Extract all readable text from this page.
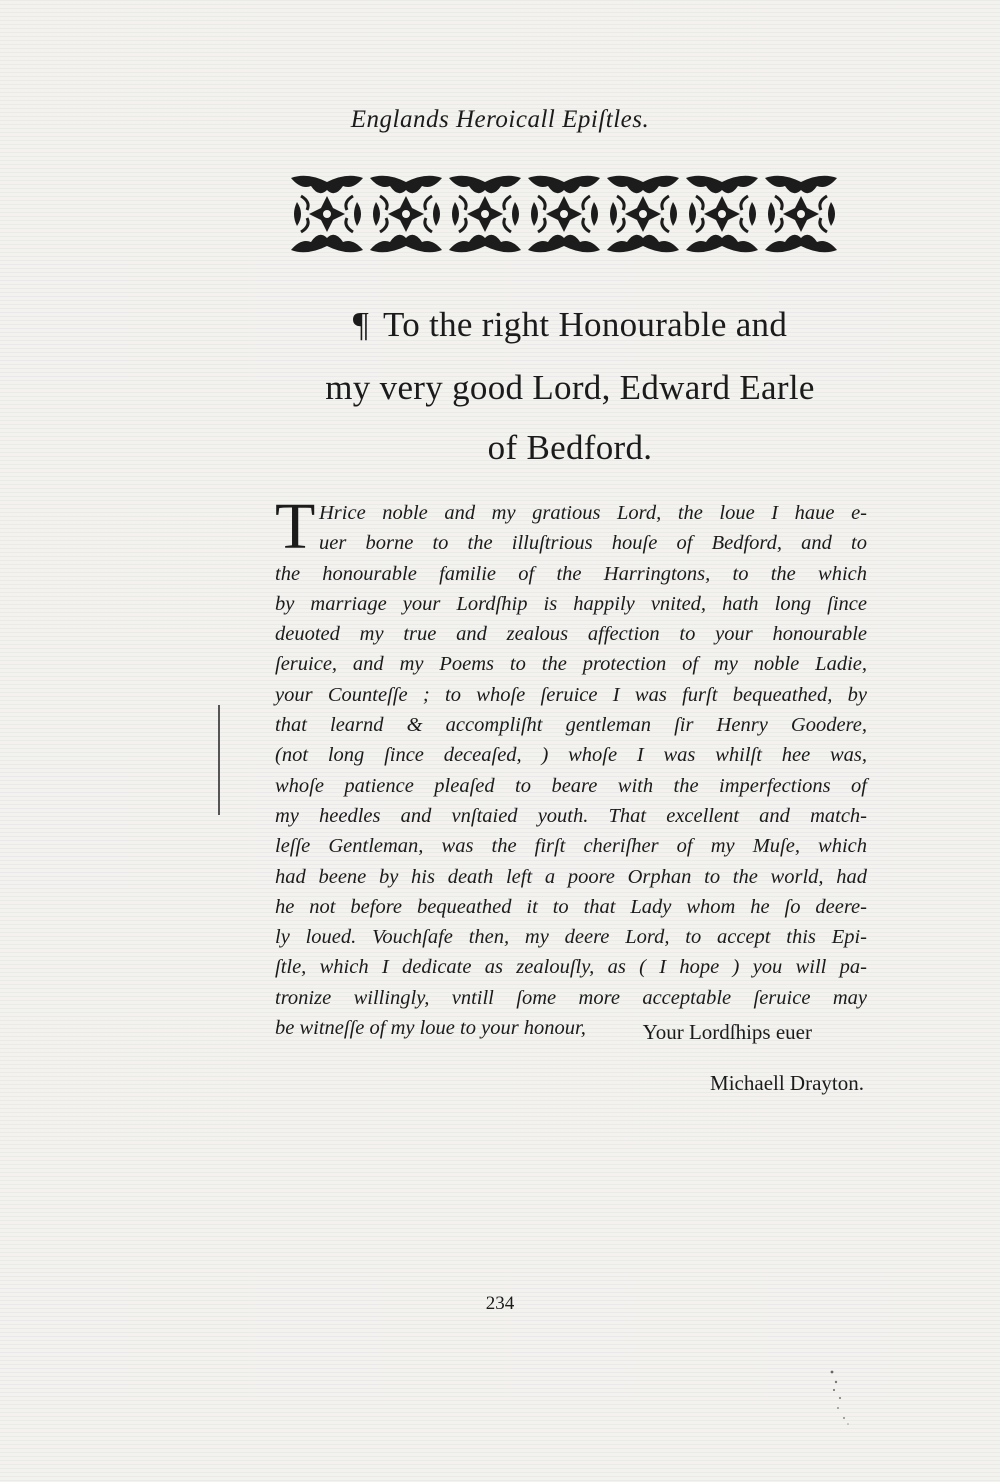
Englands Heroicall Epiſtles.
¶ To the right Honourable and
my very good Lord, Edward Earle
of Bedford.
T Hrice noble and my gratious Lord, the loue I haue e-
uer borne to the illuſtrious houſe of Bedford, and to
the honourable familie of the Harringtons, to the which
by marriage your Lordſhip is happily vnited, hath long ſince
deuoted my true and zealous affection to your honourable
ſeruice, and my Poems to the protection of my noble Ladie,
your Counteſſe ; to whoſe ſeruice I was furſt bequeathed, by
that learnd & accompliſht gentleman ſir Henry Goodere,
(not long ſince deceaſed, ) whoſe I was whilſt hee was,
whoſe patience pleaſed to beare with the imperfections of
my heedles and vnſtaied youth. That excellent and match-
leſſe Gentleman, was the firſt cheriſher of my Muſe, which
had beene by his death left a poore Orphan to the world, had
he not before bequeathed it to that Lady whom he ſo deere-
ly loued. Vouchſafe then, my deere Lord, to accept this Epi-
ſtle, which I dedicate as zealouſly, as ( I hope ) you will pa-
tronize willingly, vntill ſome more acceptable ſeruice may
be witneſſe of my loue to your honour,	Your Lordſhips euer
Michaell Drayton.
234
